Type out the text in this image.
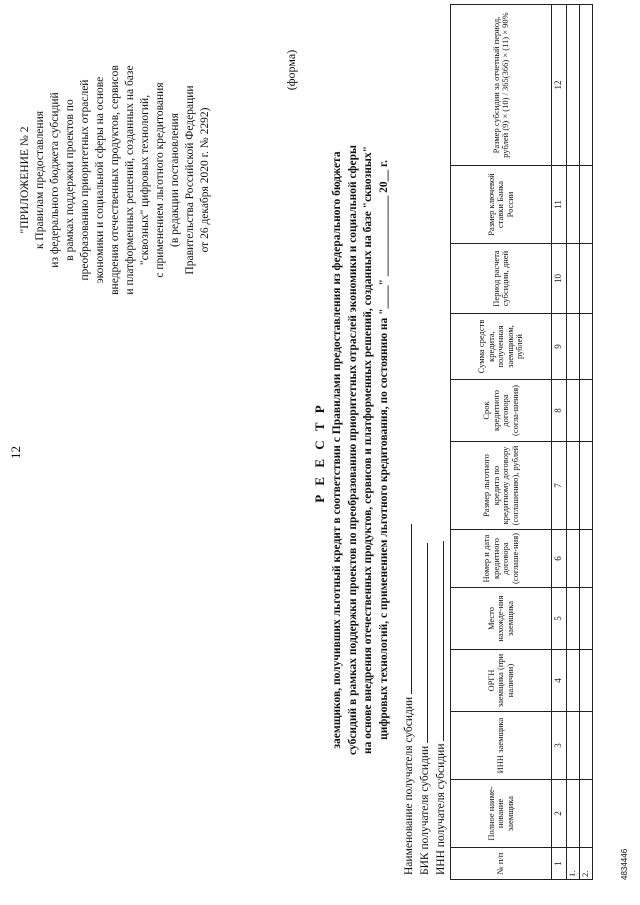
12
"ПРИЛОЖЕНИЕ № 2 к Правилам предоставления из федерального бюджета субсидий в рамках поддержки проектов по преобразованию приоритетных отраслей экономики и социальной сферы на основе внедрения отечественных продуктов, сервисов и платформенных решений, созданных на базе "сквозных" цифровых технологий, с применением льготного кредитования (в редакции постановления Правительства Российской Федерации от 26 декабря 2020 г. № 2292)
(форма)
Р Е Е С Т Р заемщиков, получивших льготный кредит в соответствии с Правилами предоставления из федерального бюджета субсидий в рамках поддержки проектов по преобразованию приоритетных отраслей экономики и социальной сферы на основе внедрения отечественных продуктов, сервисов и платформенных решений, созданных на базе "сквозных" цифровых технологий, с применением льготного кредитования, по состоянию на "____" ______________ 20__ г.
Наименование получателя субсидии БИК получателя субсидии ИНН получателя субсидии	№ п/п	Полное наиме-нование заемщика	ИНН заемщика	ОРГН заемщика (при наличии)	Место нахожде-ния заемщика	Номер и дата кредитного договора (соглаше-ния)	Размер льготного кредита по кредитному договору (соглашению), рублей	Срок кредитного договора (согла-шения)	Сумма средств кредита, полученная заемщиком, рублей	Период расчета субсидии, дней	Размер ключевой ставки Банка России	Размер субсидии за отчетный период, рублей (9) × (10) / 365(366) × (11) × 90%
1	2	3	4	5	6	7	8	9	10	11	12
1.											
2.												4834446
